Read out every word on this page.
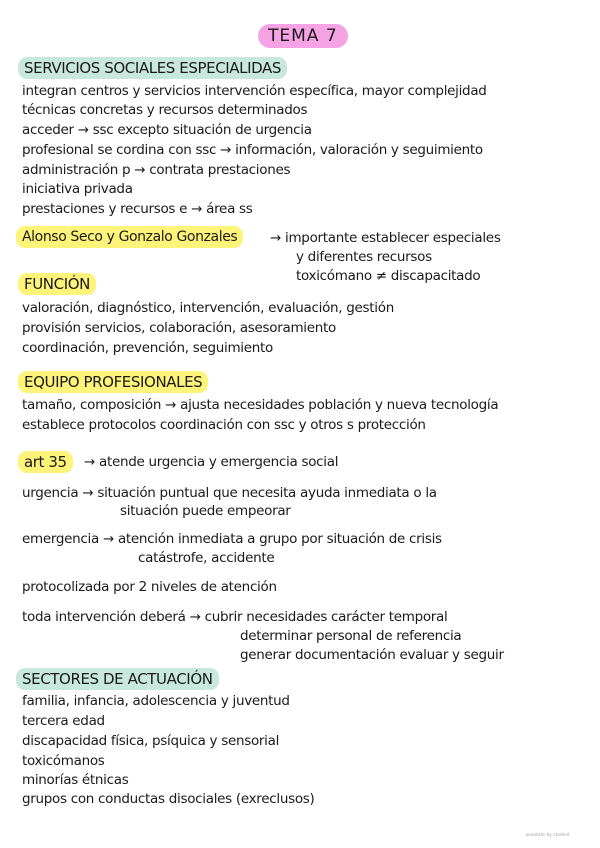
TEMA 7
SERVICIOS SOCIALES ESPECIALIDAS
integran centros y servicios intervención específica, mayor complejidad
técnicas concretas y recursos determinados
acceder → ssc excepto situación de urgencia
profesional se cordina con ssc → información, valoración y seguimiento
administración p → contrata prestaciones
iniciativa privada
prestaciones y recursos e → área ss
Alonso Seco y Gonzalo Gonzales	→ importante establecer especiales
y diferentes recursos
toxicómano ≠ discapacitado
FUNCIÓN
valoración, diagnóstico, intervención, evaluación, gestión
provisión servicios, colaboración, asesoramiento
coordinación, prevención, seguimiento
EQUIPO PROFESIONALES
tamaño, composición → ajusta necesidades población y nueva tecnología
establece protocolos coordinación con ssc y otros s protección
art 35	→ atende urgencia y emergencia social
urgencia → situación puntual que necesita ayuda inmediata o la
situación puede empeorar
emergencia → atención inmediata a grupo por situación de crisis
catástrofe, accidente
protocolizada por 2 niveles de atención
toda intervención deberá → cubrir necesidades carácter temporal
determinar personal de referencia
generar documentación evaluar y seguir
SECTORES DE ACTUACIÓN
familia, infancia, adolescencia y juventud
tercera edad
discapacidad física, psíquica y sensorial
toxicómanos
minorías étnicas
grupos con conductas disociales (exreclusos)
annotate by student
